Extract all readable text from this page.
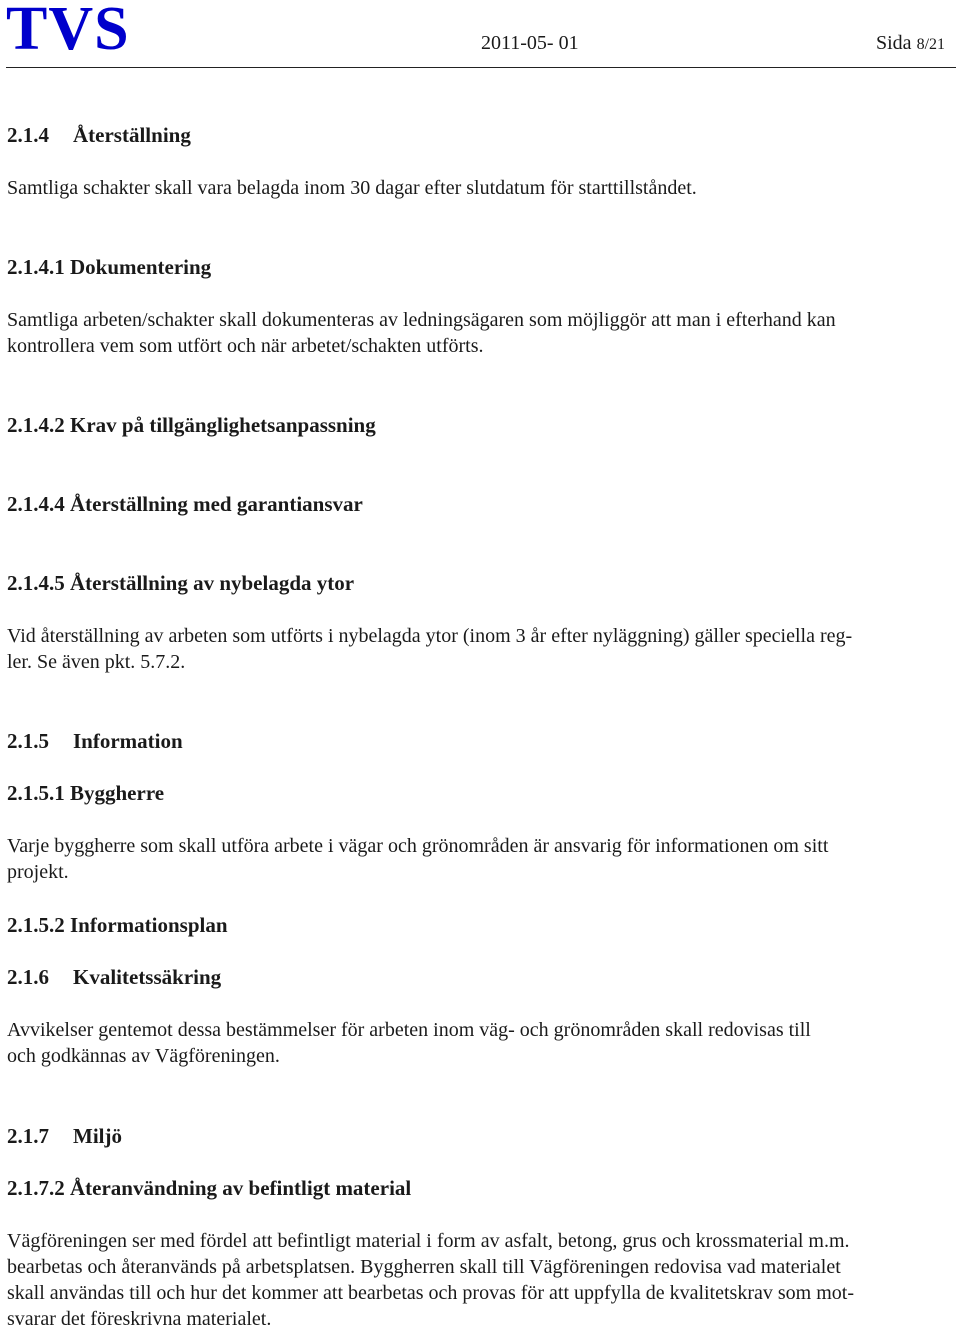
TVS	2011-05- 01	Sida 8/21
2.1.4 Återställning
Samtliga schakter skall vara belagda inom 30 dagar efter slutdatum för starttillståndet.
2.1.4.1 Dokumentering
Samtliga arbeten/schakter skall dokumenteras av ledningsägaren som möjliggör att man i efterhand kan
kontrollera vem som utfört och när arbetet/schakten utförts.
2.1.4.2 Krav på tillgänglighetsanpassning
2.1.4.4 Återställning med garantiansvar
2.1.4.5 Återställning av nybelagda ytor
Vid återställning av arbeten som utförts i nybelagda ytor (inom 3 år efter nyläggning) gäller speciella reg-
ler. Se även pkt. 5.7.2.
2.1.5 Information
2.1.5.1 Byggherre
Varje byggherre som skall utföra arbete i vägar och grönområden är ansvarig för informationen om sitt
projekt.
2.1.5.2 Informationsplan
2.1.6 Kvalitetssäkring
Avvikelser gentemot dessa bestämmelser för arbeten inom väg- och grönområden skall redovisas till
och godkännas av Vägföreningen.
2.1.7 Miljö
2.1.7.2 Återanvändning av befintligt material
Vägföreningen ser med fördel att befintligt material i form av asfalt, betong, grus och krossmaterial m.m.
bearbetas och återanvänds på arbetsplatsen. Byggherren skall till Vägföreningen redovisa vad materialet
skall användas till och hur det kommer att bearbetas och provas för att uppfylla de kvalitetskrav som mot-
svarar det föreskrivna materialet.
